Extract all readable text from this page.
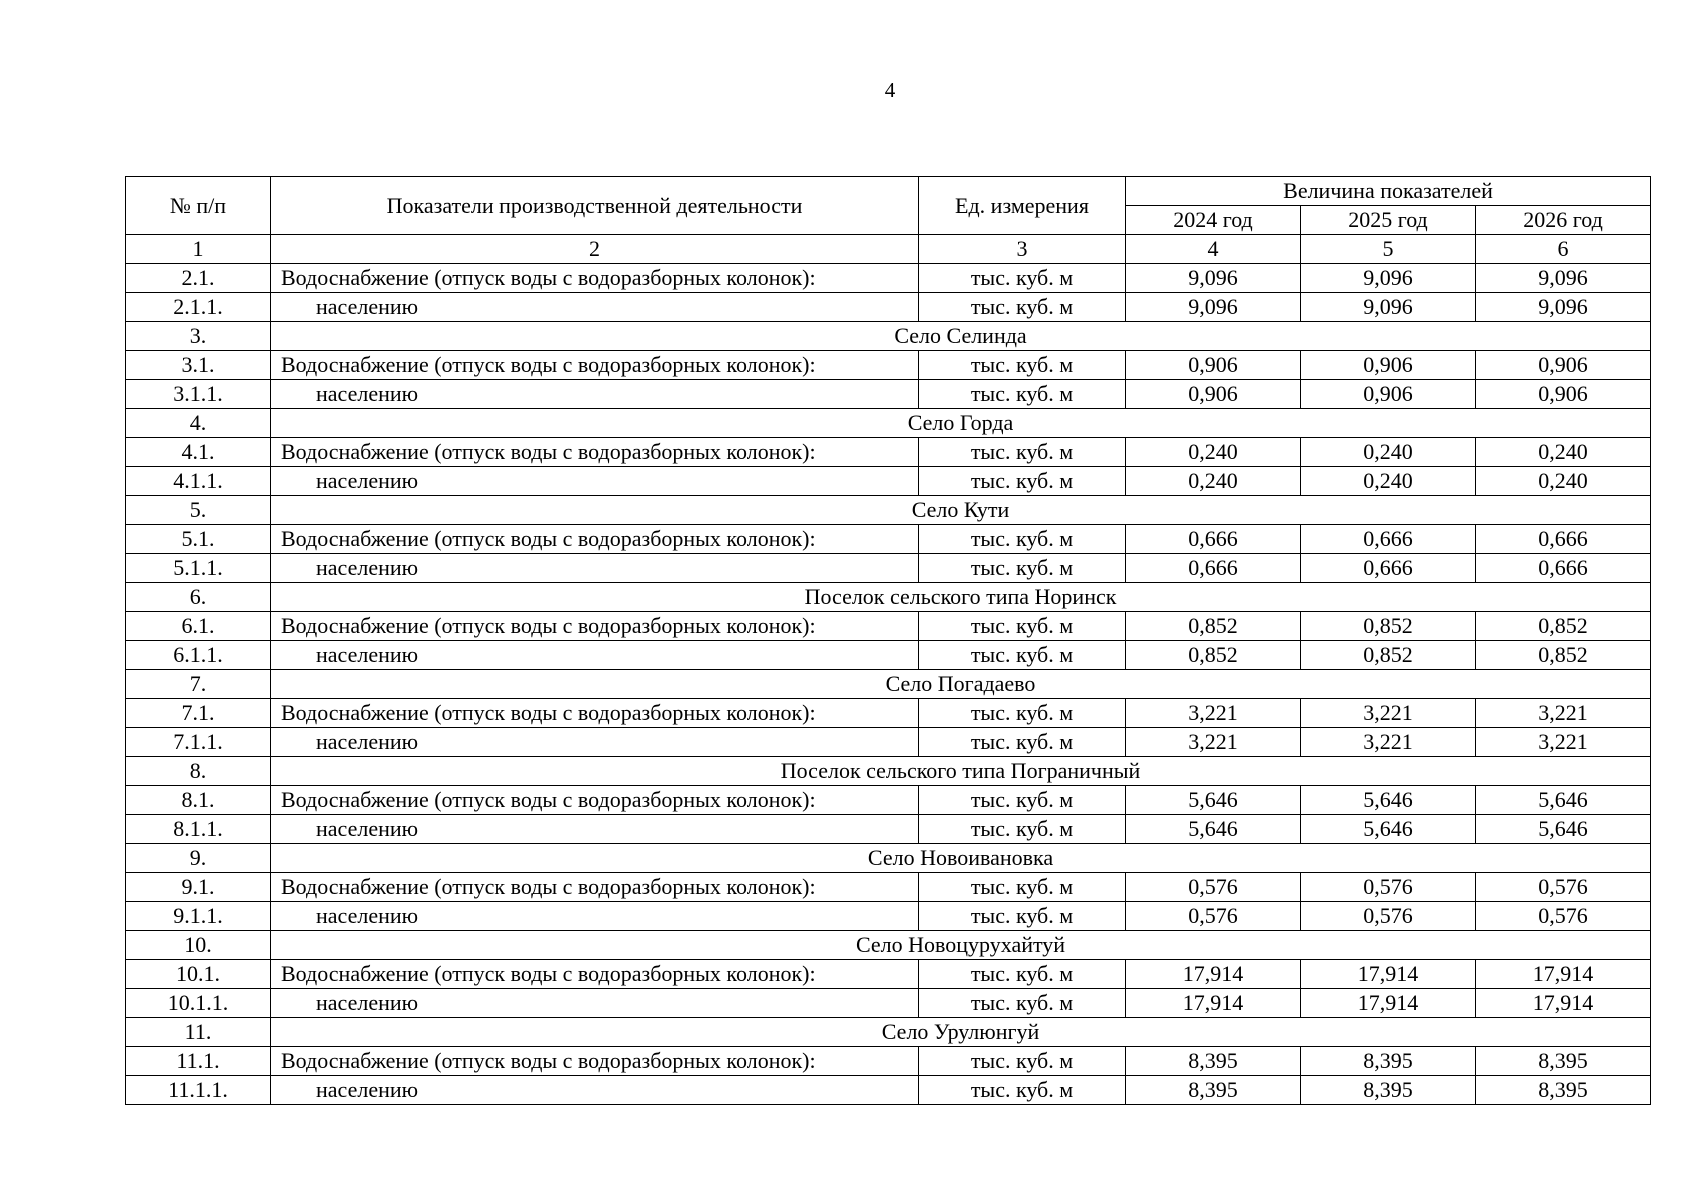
4
№ п/п	Показатели производственной деятельности	Ед. измерения	Величина показателей		
			2024 год	2025 год	2026 год
1	2	3	4	5	6
2.1.	Водоснабжение (отпуск воды с водоразборных колонок):	тыс. куб. м	9,096	9,096	9,096
2.1.1.	населению	тыс. куб. м	9,096	9,096	9,096
3.	Село Селинда				
3.1.	Водоснабжение (отпуск воды с водоразборных колонок):	тыс. куб. м	0,906	0,906	0,906
3.1.1.	населению	тыс. куб. м	0,906	0,906	0,906
4.	Село Горда				
4.1.	Водоснабжение (отпуск воды с водоразборных колонок):	тыс. куб. м	0,240	0,240	0,240
4.1.1.	населению	тыс. куб. м	0,240	0,240	0,240
5.	Село Кути				
5.1.	Водоснабжение (отпуск воды с водоразборных колонок):	тыс. куб. м	0,666	0,666	0,666
5.1.1.	населению	тыс. куб. м	0,666	0,666	0,666
6.	Поселок сельского типа Норинск				
6.1.	Водоснабжение (отпуск воды с водоразборных колонок):	тыс. куб. м	0,852	0,852	0,852
6.1.1.	населению	тыс. куб. м	0,852	0,852	0,852
7.	Село Погадаево				
7.1.	Водоснабжение (отпуск воды с водоразборных колонок):	тыс. куб. м	3,221	3,221	3,221
7.1.1.	населению	тыс. куб. м	3,221	3,221	3,221
8.	Поселок сельского типа Пограничный				
8.1.	Водоснабжение (отпуск воды с водоразборных колонок):	тыс. куб. м	5,646	5,646	5,646
8.1.1.	населению	тыс. куб. м	5,646	5,646	5,646
9.	Село Новоивановка				
9.1.	Водоснабжение (отпуск воды с водоразборных колонок):	тыс. куб. м	0,576	0,576	0,576
9.1.1.	населению	тыс. куб. м	0,576	0,576	0,576
10.	Село Новоцурухайтуй				
10.1.	Водоснабжение (отпуск воды с водоразборных колонок):	тыс. куб. м	17,914	17,914	17,914
10.1.1.	населению	тыс. куб. м	17,914	17,914	17,914
11.	Село Урулюнгуй				
11.1.	Водоснабжение (отпуск воды с водоразборных колонок):	тыс. куб. м	8,395	8,395	8,395
11.1.1.	населению	тыс. куб. м	8,395	8,395	8,395
